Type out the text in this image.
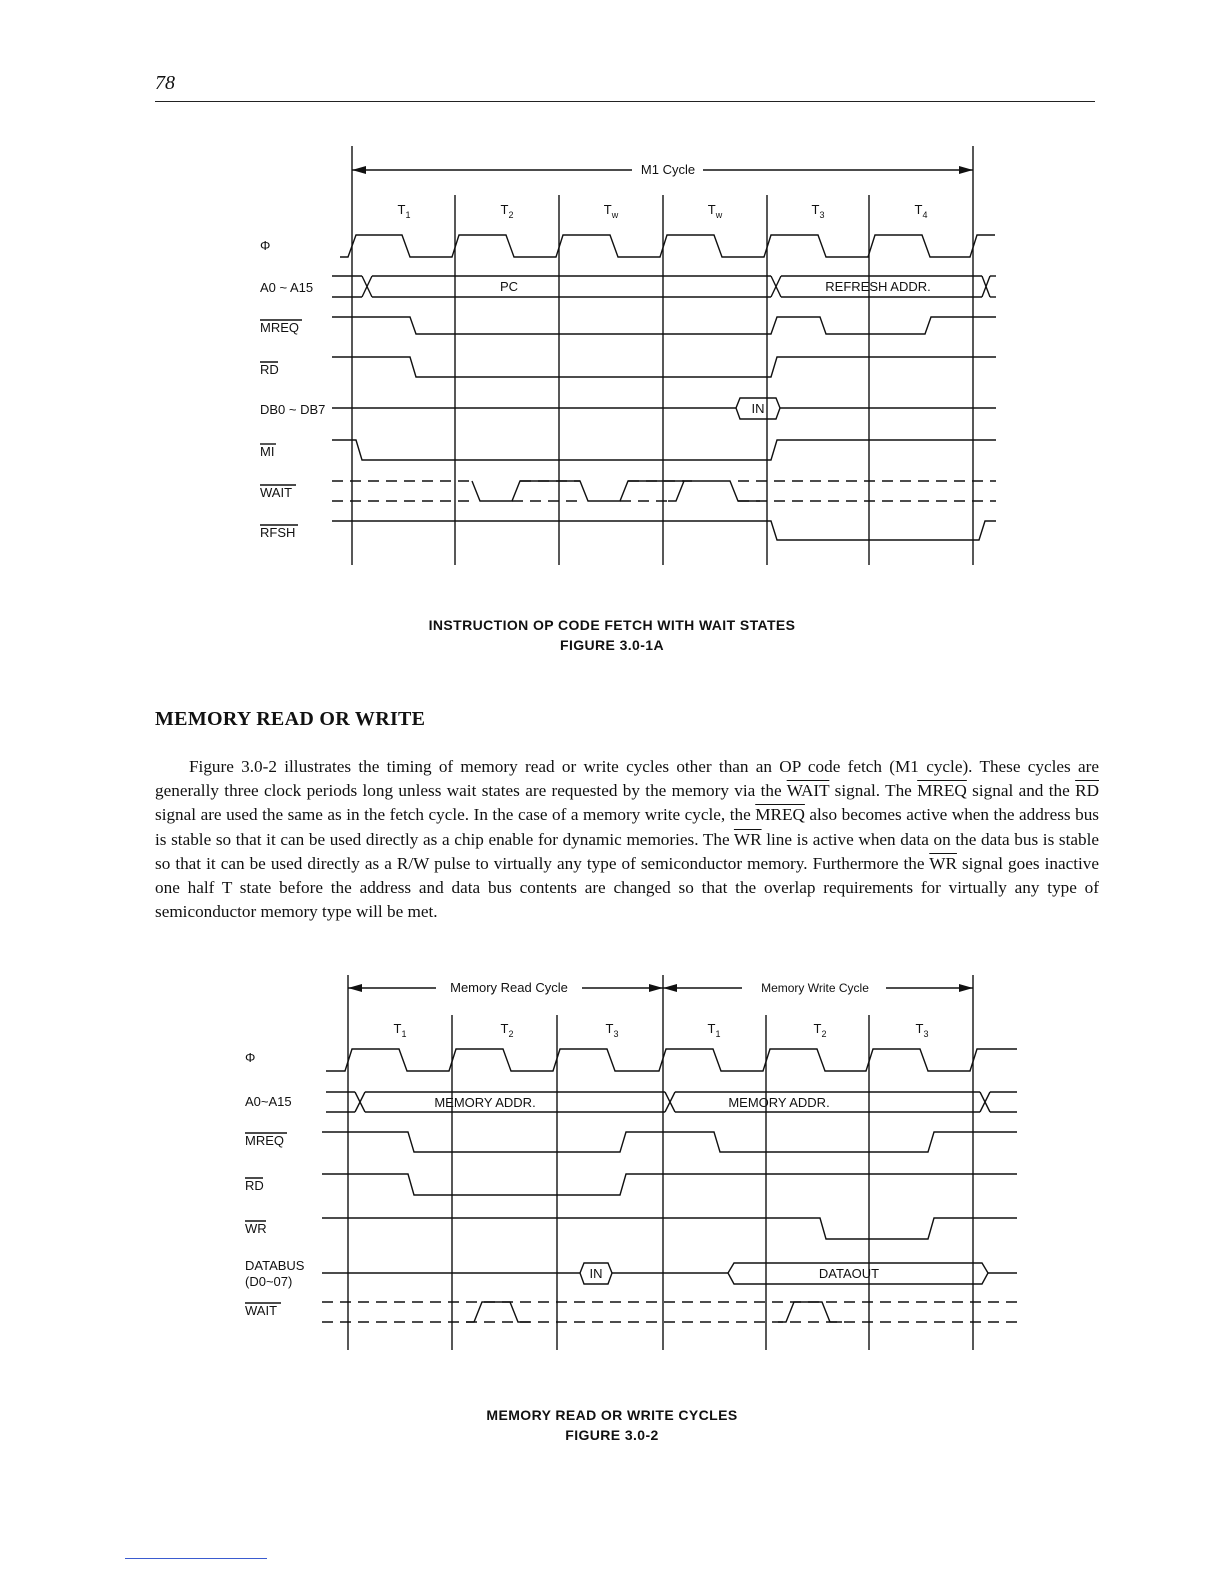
78
M1 Cycle
$T_1$	$T_2$	$T_w$	$T_w$	$T_3$	$T_4$
Φ
A0 ~ A15
MREQ
RD
DB0 ~ DB7
MI
WAIT
RFSH
PC	REFRESH ADDR.
IN
INSTRUCTION OP CODE FETCH WITH WAIT STATES
FIGURE 3.0-1A
MEMORY READ OR WRITE

Figure 3.0-2 illustrates the timing of memory read or write cycles other than an OP code fetch (M1 cycle). These cycles are generally three clock periods long unless wait states are requested by the memory via the WAIT signal. The MREQ signal and the $\overline{RD}$ signal are used the same as in the fetch cycle. In the case of a memory write cycle, the MREQ also becomes active when the address bus is stable so that it can be used directly as a chip enable for dynamic memories. The $\overline{WR}$ line is active when data on the data bus is stable so that it can be used directly as a R/W pulse to virtually any type of semiconductor memory. Furthermore the $\overline{WR}$ signal goes inactive one half T state before the address and data bus contents are changed so that the overlap requirements for virtually any type of semiconductor memory type will be met.

Memory Read Cycle	Memory Write Cycle
$T_1$	$T_2$	$T_3$	$T_1$	$T_2$	$T_3$
Φ
A0~A15
MREQ
RD
WR
DATABUS
(D0~07)
WAIT
MEMORY ADDR.	MEMORY ADDR.
IN	DATAOUT
MEMORY READ OR WRITE CYCLES
FIGURE 3.0-2
